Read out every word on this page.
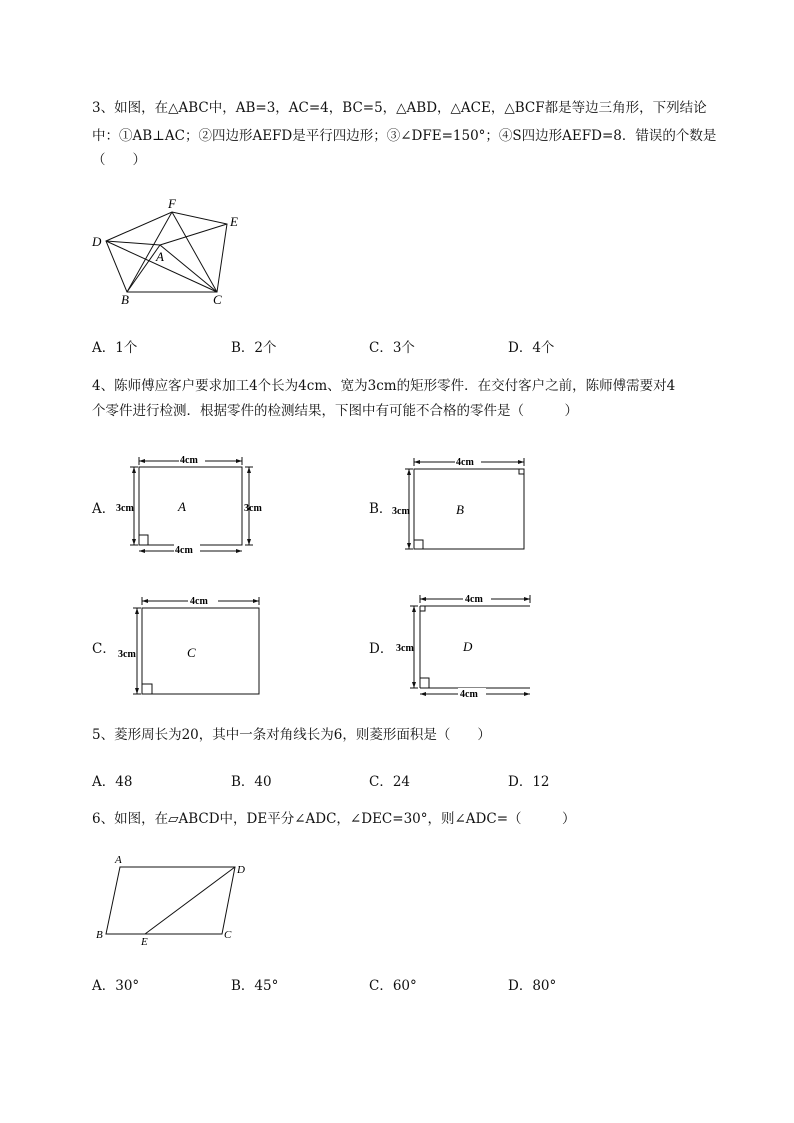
3、如图，在△ABC中，AB=3，AC=4，BC=5，△ABD，△ACE，△BCF都是等边三角形，下列结论
中：①AB⊥AC；②四边形AEFD是平行四边形；③∠DFE=150°；④S四边形AEFD=8．错误的个数是
（　　）
D
F
E
A
B	C
A．1个	B．2个	C．3个	D．4个
4、陈师傅应客户要求加工4个长为4cm、宽为3cm的矩形零件．在交付客户之前，陈师傅需要对4
个零件进行检测．根据零件的检测结果，下图中有可能不合格的零件是（　　　）
A．
4cm
4cm
3cm	3cm
A	B．
4cm
3cm	B
C．
4cm
3cm	C	D．
4cm
4cm
3cm	D
5、菱形周长为20，其中一条对角线长为6，则菱形面积是（　　）
A．48	B．40	C．24	D．12
6、如图，在▱ABCD中，DE平分∠ADC，∠DEC=30°，则∠ADC=（　　　）
A
D
B
E
C
A．30°	B．45°	C．60°	D．80°
